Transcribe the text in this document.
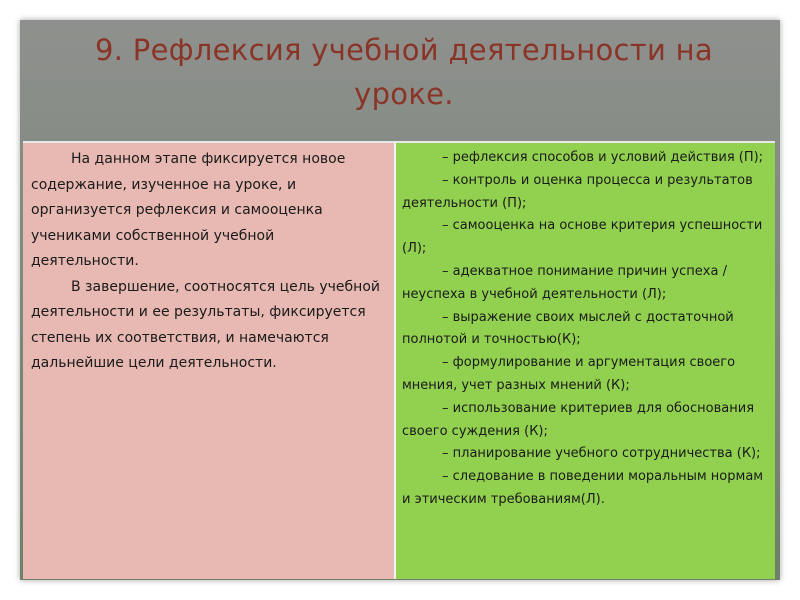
9. Рефлексия учебной деятельности на
уроке.

На данном этапе фиксируется новое содержание, изученное на уроке, и организуется рефлексия и самооценка учениками собственной учебной деятельности.

В завершение, соотносятся цель учебной деятельности и ее результаты, фиксируется степень их соответствия, и намечаются дальнейшие цели деятельности.

– рефлексия способов и условий действия (П);

– контроль и оценка процесса и результатов деятельности (П);

– самооценка на основе критерия успешности (Л);

– адекватное понимание причин успеха / неуспеха в учебной деятельности (Л);

– выражение своих мыслей с достаточной полнотой и точностью(К);

– формулирование и аргументация своего мнения, учет разных мнений (К);

– использование критериев для обоснования своего суждения (К);

– планирование учебного сотрудничества (К);

– следование в поведении моральным нормам и этическим требованиям(Л).
